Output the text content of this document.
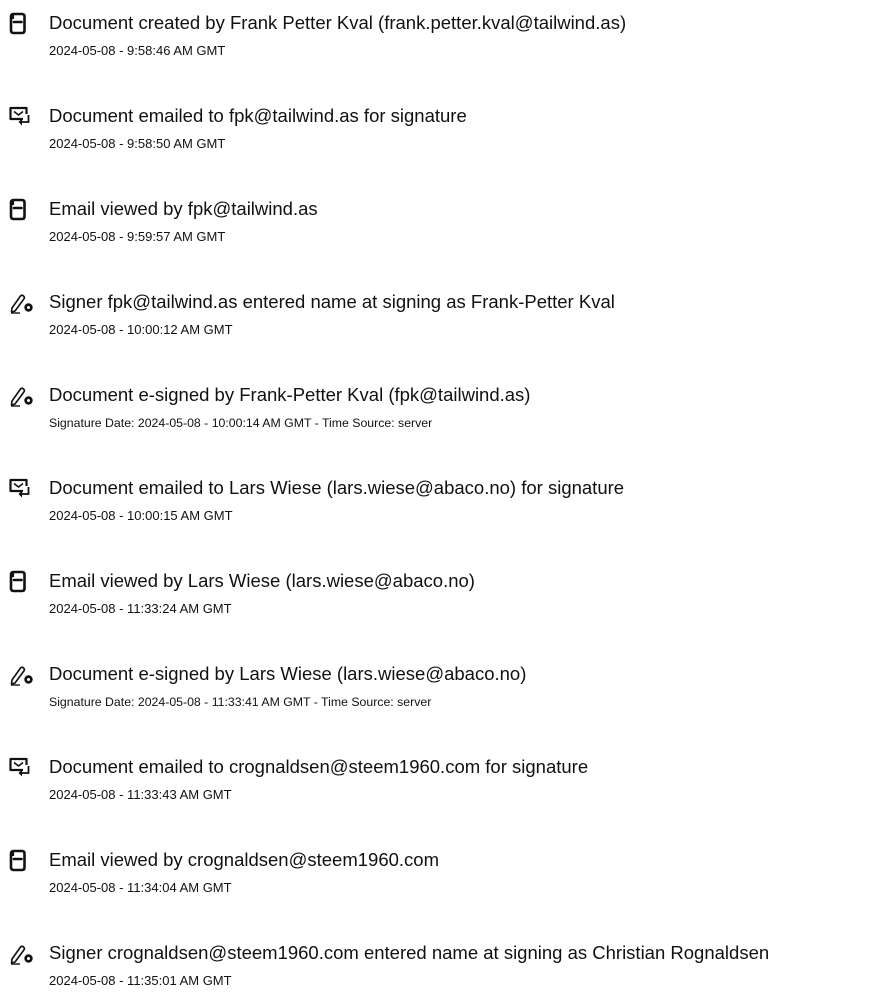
Document created by Frank Petter Kval (frank.petter.kval@tailwind.as)
2024-05-08 - 9:58:46 AM GMT
Document emailed to fpk@tailwind.as for signature
2024-05-08 - 9:58:50 AM GMT
Email viewed by fpk@tailwind.as
2024-05-08 - 9:59:57 AM GMT
Signer fpk@tailwind.as entered name at signing as Frank-Petter Kval
2024-05-08 - 10:00:12 AM GMT
Document e-signed by Frank-Petter Kval (fpk@tailwind.as)
Signature Date: 2024-05-08 - 10:00:14 AM GMT - Time Source: server
Document emailed to Lars Wiese (lars.wiese@abaco.no) for signature
2024-05-08 - 10:00:15 AM GMT
Email viewed by Lars Wiese (lars.wiese@abaco.no)
2024-05-08 - 11:33:24 AM GMT
Document e-signed by Lars Wiese (lars.wiese@abaco.no)
Signature Date: 2024-05-08 - 11:33:41 AM GMT - Time Source: server
Document emailed to crognaldsen@steem1960.com for signature
2024-05-08 - 11:33:43 AM GMT
Email viewed by crognaldsen@steem1960.com
2024-05-08 - 11:34:04 AM GMT
Signer crognaldsen@steem1960.com entered name at signing as Christian Rognaldsen
2024-05-08 - 11:35:01 AM GMT
